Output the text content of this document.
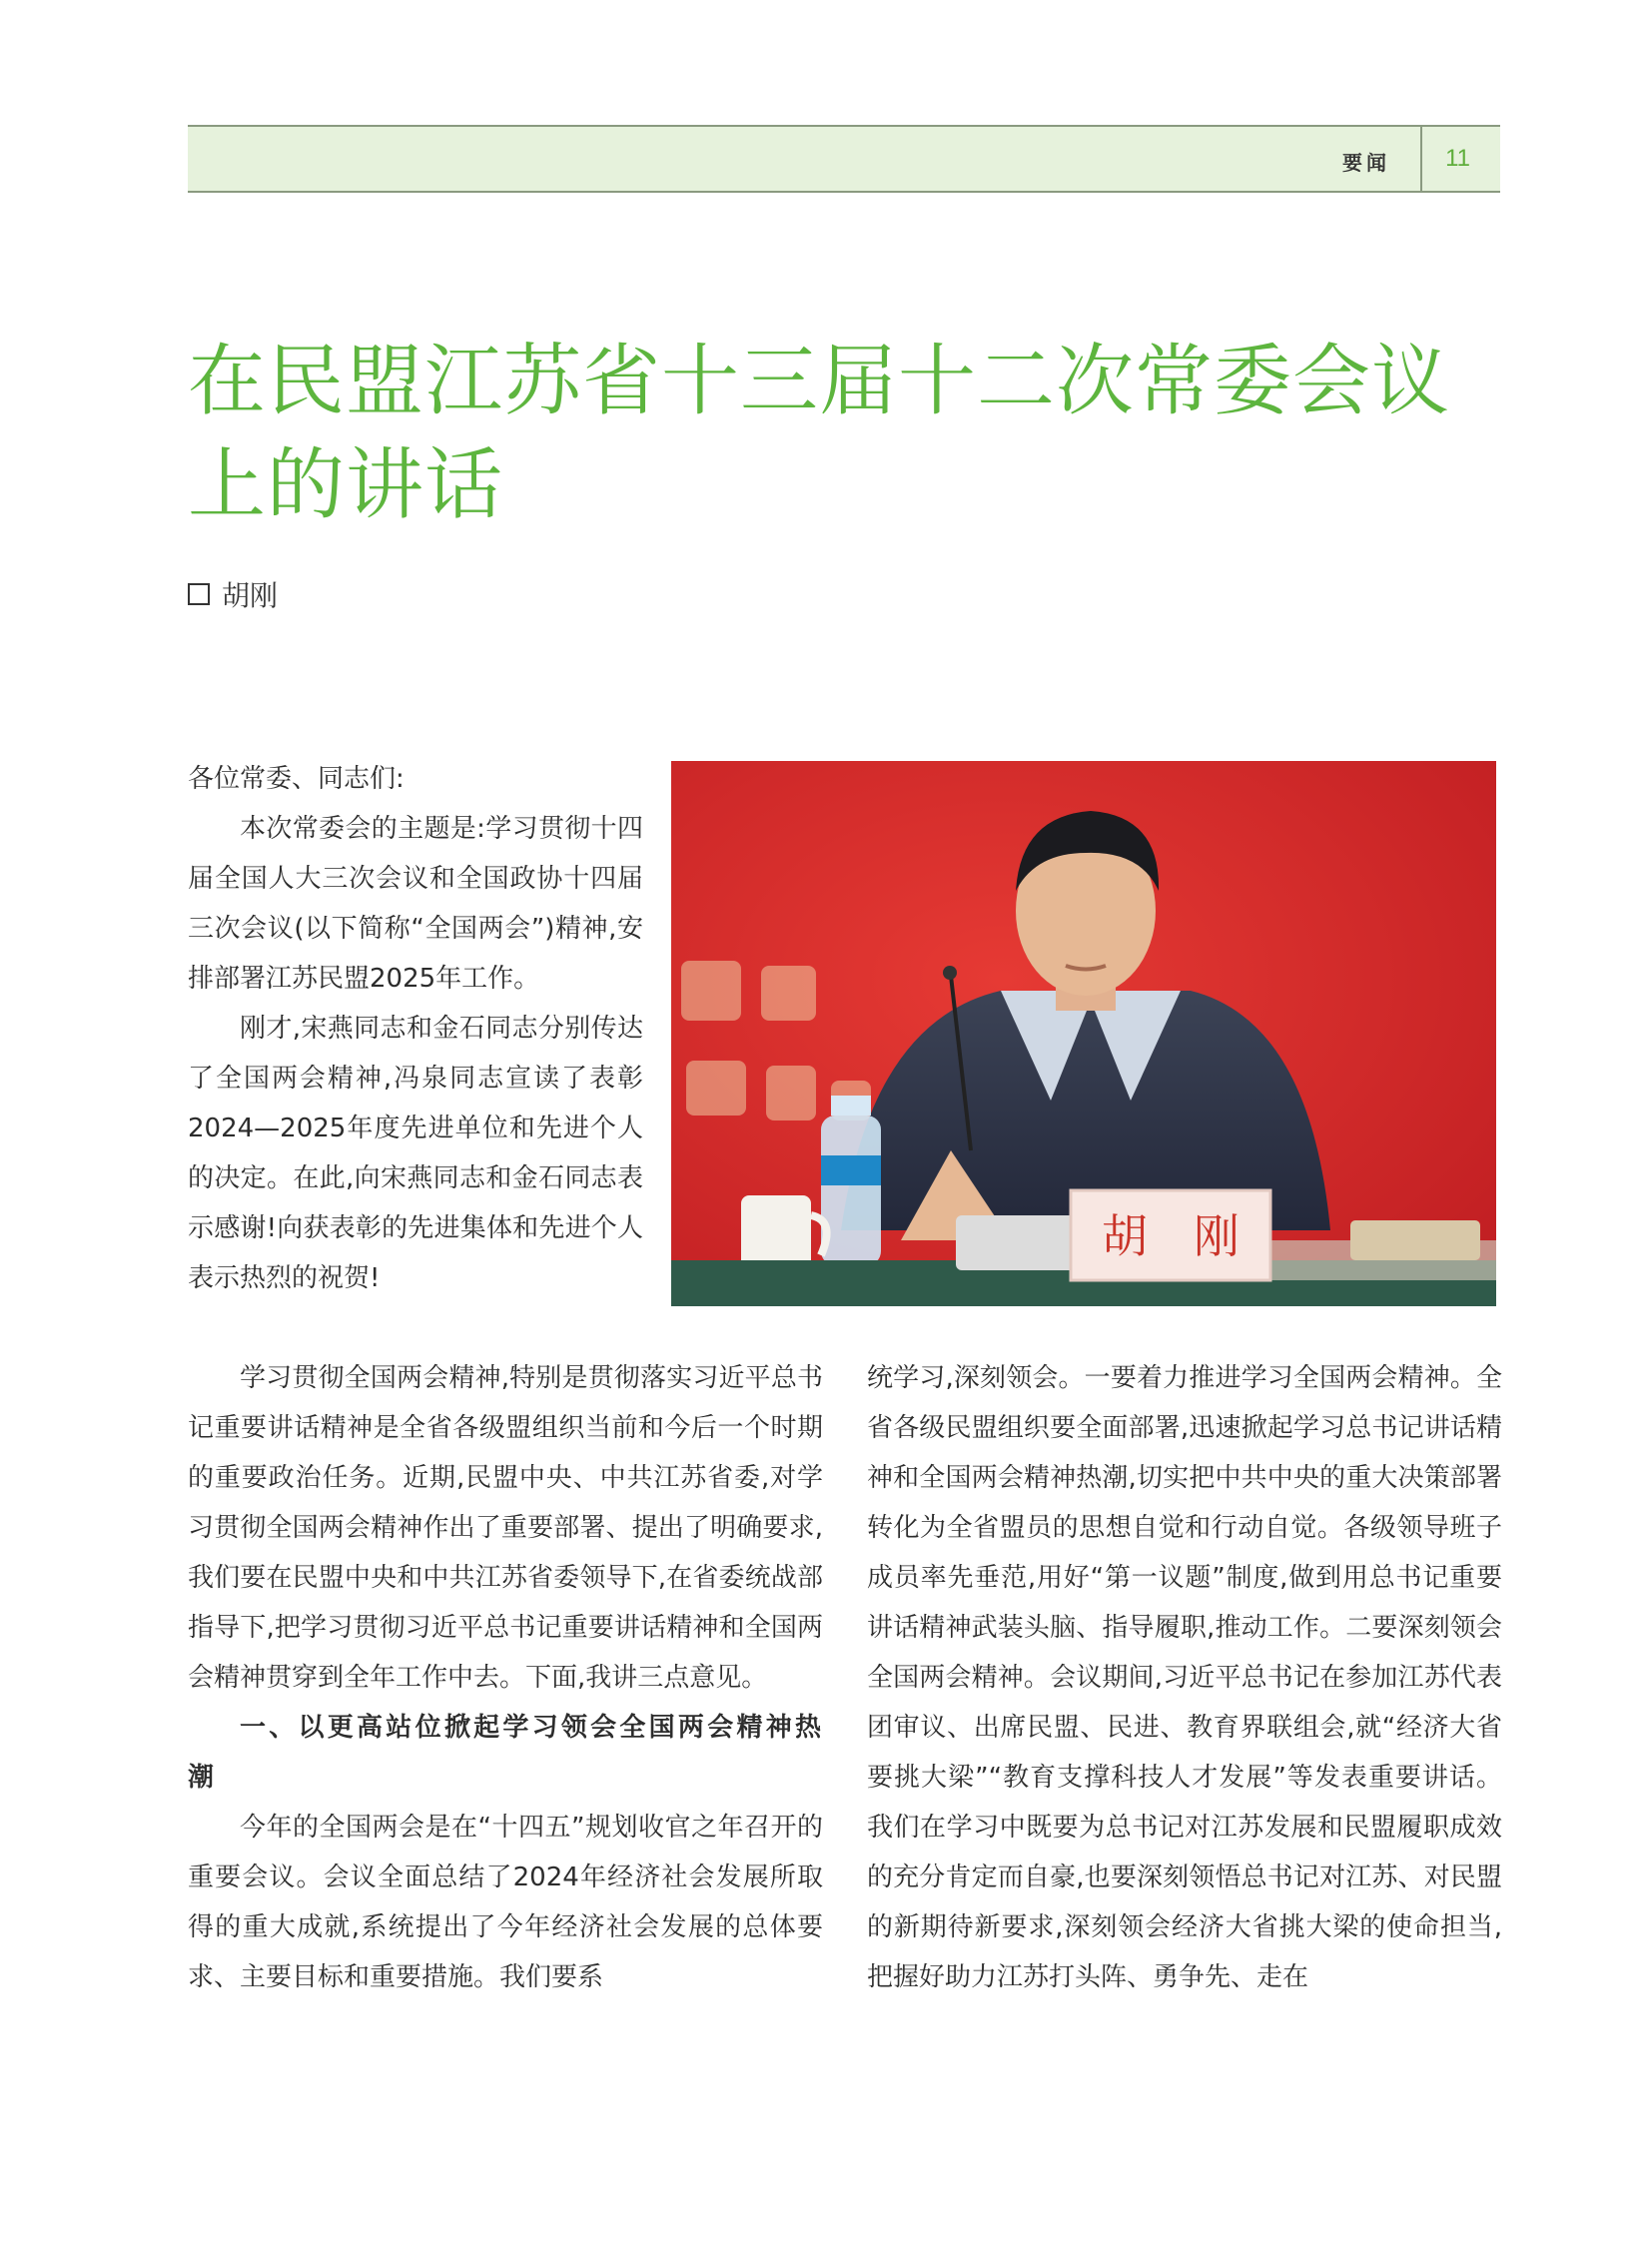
要闻 11
在民盟江苏省十三届十二次常委会议上的讲话
胡刚

各位常委、同志们:

本次常委会的主题是:学习贯彻十四届全国人大三次会议和全国政协十四届三次会议(以下简称“全国两会”)精神,安排部署江苏民盟2025年工作。

刚才,宋燕同志和金石同志分别传达了全国两会精神,冯泉同志宣读了表彰2024—2025年度先进单位和先进个人的决定。在此,向宋燕同志和金石同志表示感谢!向获表彰的先进集体和先进个人表示热烈的祝贺!

胡　刚

学习贯彻全国两会精神,特别是贯彻落实习近平总书记重要讲话精神是全省各级盟组织当前和今后一个时期的重要政治任务。近期,民盟中央、中共江苏省委,对学习贯彻全国两会精神作出了重要部署、提出了明确要求,我们要在民盟中央和中共江苏省委领导下,在省委统战部指导下,把学习贯彻习近平总书记重要讲话精神和全国两会精神贯穿到全年工作中去。下面,我讲三点意见。

一、以更高站位掀起学习领会全国两会精神热潮

今年的全国两会是在“十四五”规划收官之年召开的重要会议。会议全面总结了2024年经济社会发展所取得的重大成就,系统提出了今年经济社会发展的总体要求、主要目标和重要措施。我们要系

统学习,深刻领会。一要着力推进学习全国两会精神。全省各级民盟组织要全面部署,迅速掀起学习总书记讲话精神和全国两会精神热潮,切实把中共中央的重大决策部署转化为全省盟员的思想自觉和行动自觉。各级领导班子成员率先垂范,用好“第一议题”制度,做到用总书记重要讲话精神武装头脑、指导履职,推动工作。二要深刻领会全国两会精神。会议期间,习近平总书记在参加江苏代表团审议、出席民盟、民进、教育界联组会,就“经济大省要挑大梁”“教育支撑科技人才发展”等发表重要讲话。我们在学习中既要为总书记对江苏发展和民盟履职成效的充分肯定而自豪,也要深刻领悟总书记对江苏、对民盟的新期待新要求,深刻领会经济大省挑大梁的使命担当,把握好助力江苏打头阵、勇争先、走在
